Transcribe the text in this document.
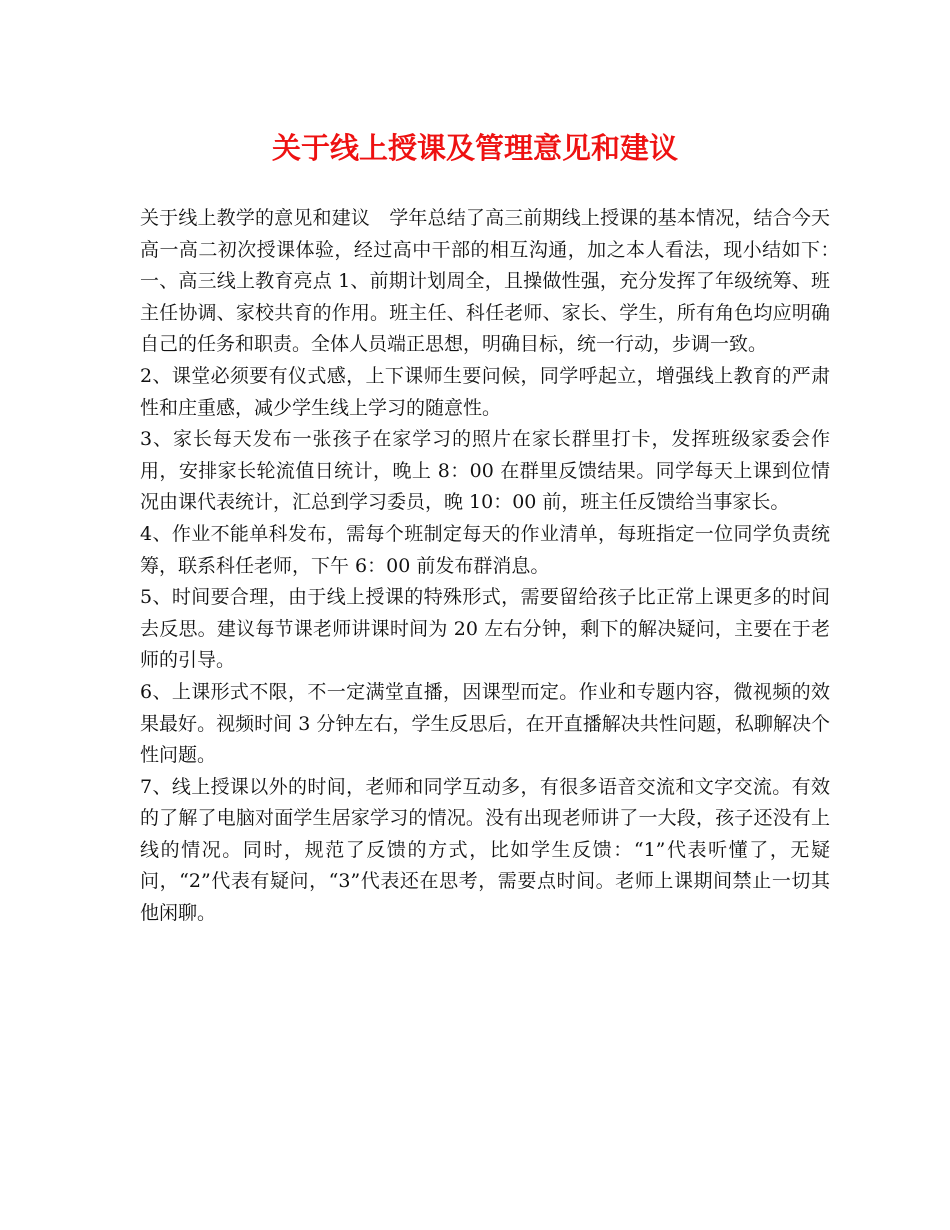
关于线上授课及管理意见和建议

关于线上教学的意见和建议　学年总结了高三前期线上授课的基本情况，结合今天高一高二初次授课体验，经过高中干部的相互沟通，加之本人看法，现小结如下：　　一、高三线上教育亮点 1、前期计划周全，且操做性强，充分发挥了年级统筹、班主任协调、家校共育的作用。班主任、科任老师、家长、学生，所有角色均应明确自己的任务和职责。全体人员端正思想，明确目标，统一行动，步调一致。

2、课堂必须要有仪式感，上下课师生要问候，同学呼起立，增强线上教育的严肃性和庄重感，减少学生线上学习的随意性。

3、家长每天发布一张孩子在家学习的照片在家长群里打卡，发挥班级家委会作用，安排家长轮流值日统计，晚上 8：00 在群里反馈结果。同学每天上课到位情况由课代表统计，汇总到学习委员，晚 10：00 前，班主任反馈给当事家长。

4、作业不能单科发布，需每个班制定每天的作业清单，每班指定一位同学负责统筹，联系科任老师，下午 6：00 前发布群消息。

5、时间要合理，由于线上授课的特殊形式，需要留给孩子比正常上课更多的时间去反思。建议每节课老师讲课时间为 20 左右分钟，剩下的解决疑问，主要在于老师的引导。

6、上课形式不限，不一定满堂直播，因课型而定。作业和专题内容，微视频的效果最好。视频时间 3 分钟左右，学生反思后，在开直播解决共性问题，私聊解决个性问题。

7、线上授课以外的时间，老师和同学互动多，有很多语音交流和文字交流。有效的了解了电脑对面学生居家学习的情况。没有出现老师讲了一大段，孩子还没有上线的情况。同时，规范了反馈的方式，比如学生反馈：“1”代表听懂了，无疑问，“2”代表有疑问，“3”代表还在思考，需要点时间。老师上课期间禁止一切其他闲聊。
